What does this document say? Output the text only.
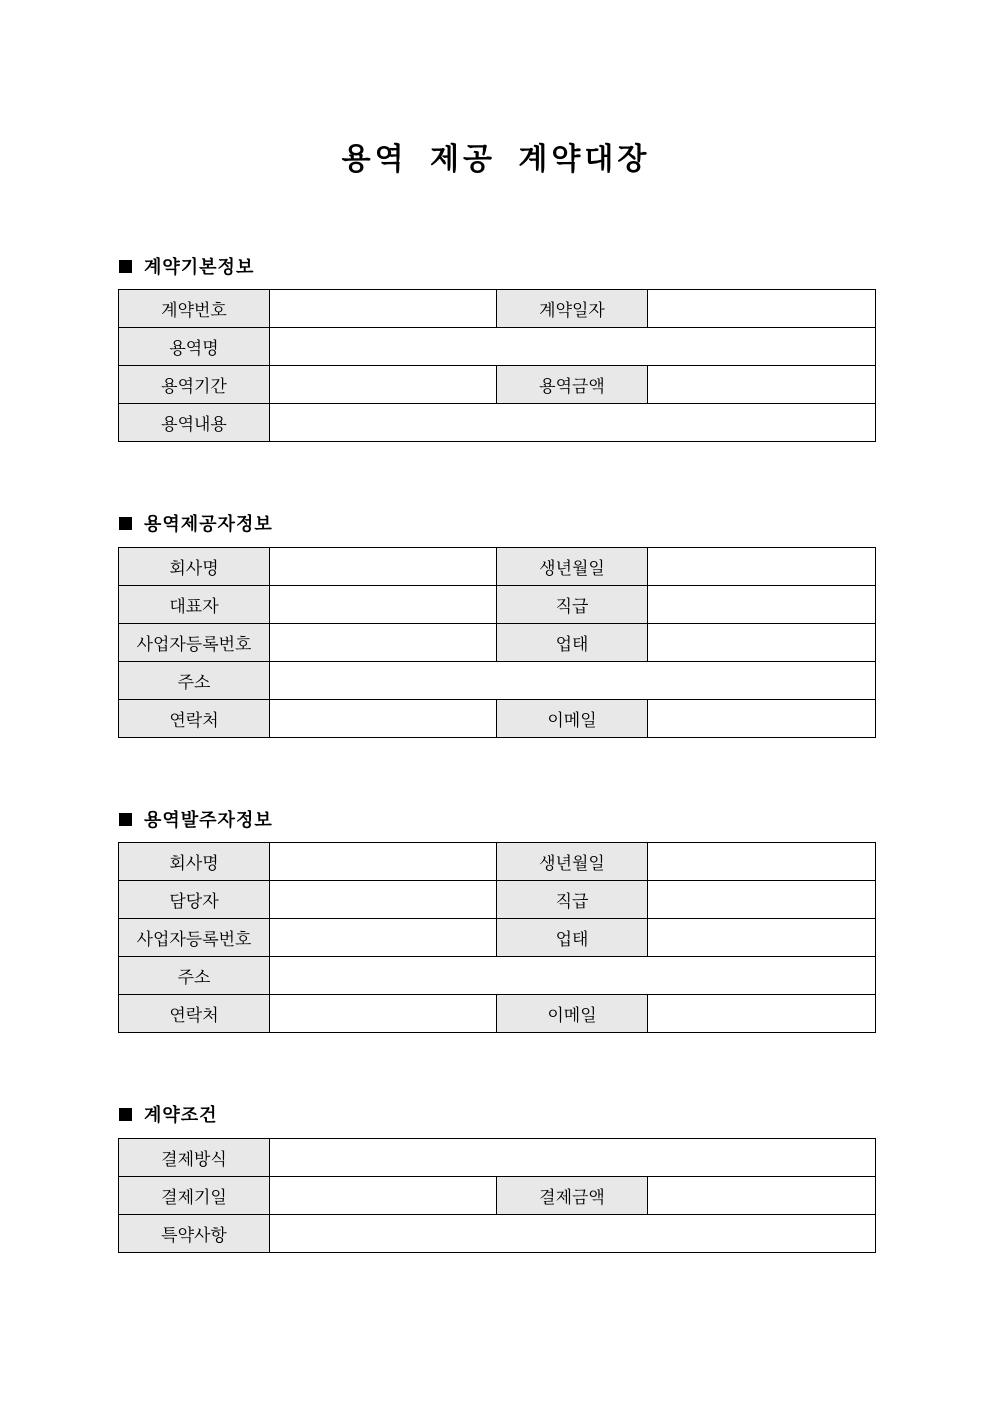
용역 제공 계약대장
계약기본정보
계약번호		계약일자	
용역명			
용역기간		용역금액	
용역내용			
용역제공자정보
회사명		생년월일	
대표자		직급	
사업자등록번호		업태	
주소			
연락처		이메일	
용역발주자정보
회사명		생년월일	
담당자		직급	
사업자등록번호		업태	
주소			
연락처		이메일	
계약조건
결제방식			
결제기일		결제금액	
특약사항			
